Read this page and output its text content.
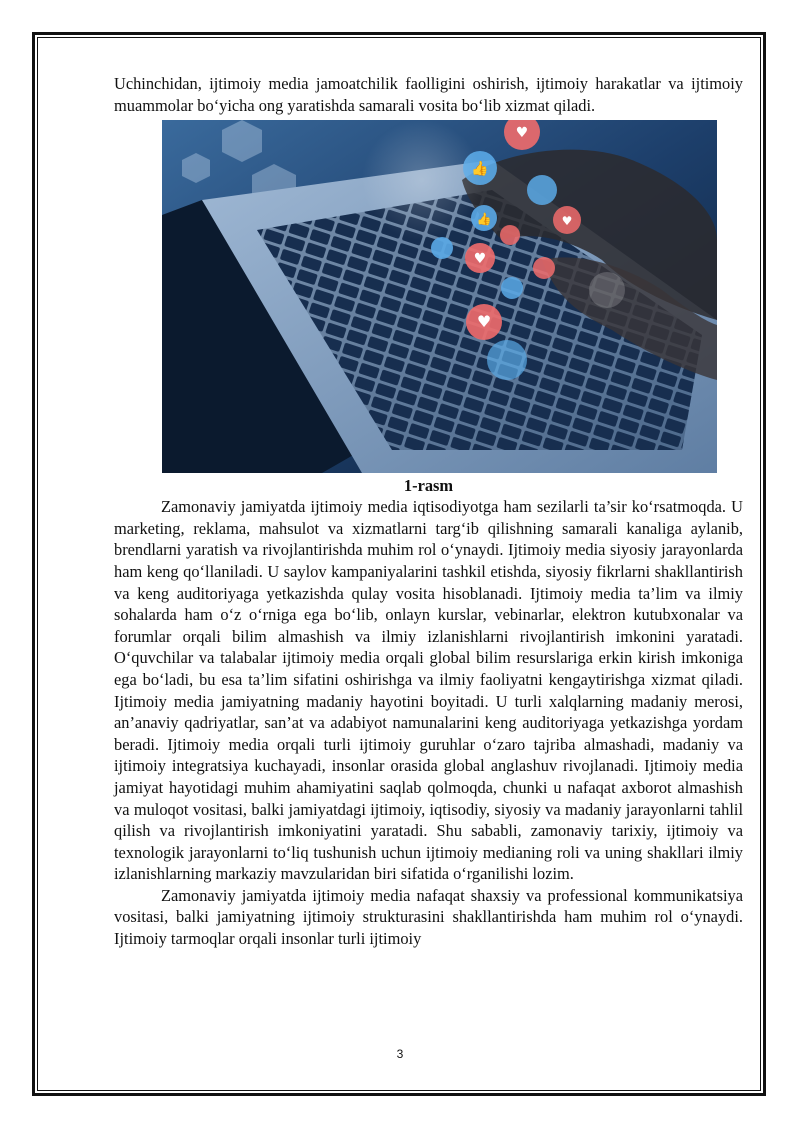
Uchinchidan, ijtimoiy media jamoatchilik faolligini oshirish, ijtimoiy harakatlar va ijtimoiy muammolar bo‘yicha ong yaratishda samarali vosita bo‘lib xizmat qiladi.

♥
👍
👍
♥
♥
♥
1-rasm

Zamonaviy jamiyatda ijtimoiy media iqtisodiyotga ham sezilarli ta’sir ko‘rsatmoqda. U marketing, reklama, mahsulot va xizmatlarni targ‘ib qilishning samarali kanaliga aylanib, brendlarni yaratish va rivojlantirishda muhim rol o‘ynaydi. Ijtimoiy media siyosiy jarayonlarda ham keng qo‘llaniladi. U saylov kampaniyalarini tashkil etishda, siyosiy fikrlarni shakllantirish va keng auditoriyaga yetkazishda qulay vosita hisoblanadi. Ijtimoiy media ta’lim va ilmiy sohalarda ham o‘z o‘rniga ega bo‘lib, onlayn kurslar, vebinarlar, elektron kutubxonalar va forumlar orqali bilim almashish va ilmiy izlanishlarni rivojlantirish imkonini yaratadi. O‘quvchilar va talabalar ijtimoiy media orqali global bilim resurslariga erkin kirish imkoniga ega bo‘ladi, bu esa ta’lim sifatini oshirishga va ilmiy faoliyatni kengaytirishga xizmat qiladi. Ijtimoiy media jamiyatning madaniy hayotini boyitadi. U turli xalqlarning madaniy merosi, an’anaviy qadriyatlar, san’at va adabiyot namunalarini keng auditoriyaga yetkazishga yordam beradi. Ijtimoiy media orqali turli ijtimoiy guruhlar o‘zaro tajriba almashadi, madaniy va ijtimoiy integratsiya kuchayadi, insonlar orasida global anglashuv rivojlanadi. Ijtimoiy media jamiyat hayotidagi muhim ahamiyatini saqlab qolmoqda, chunki u nafaqat axborot almashish va muloqot vositasi, balki jamiyatdagi ijtimoiy, iqtisodiy, siyosiy va madaniy jarayonlarni tahlil qilish va rivojlantirish imkoniyatini yaratadi. Shu sababli, zamonaviy tarixiy, ijtimoiy va texnologik jarayonlarni to‘liq tushunish uchun ijtimoiy medianing roli va uning shakllari ilmiy izlanishlarning markaziy mavzularidan biri sifatida o‘rganilishi lozim.

Zamonaviy jamiyatda ijtimoiy media nafaqat shaxsiy va professional kommunikatsiya vositasi, balki jamiyatning ijtimoiy strukturasini shakllantirishda ham muhim rol o‘ynaydi. Ijtimoiy tarmoqlar orqali insonlar turli ijtimoiy

3
